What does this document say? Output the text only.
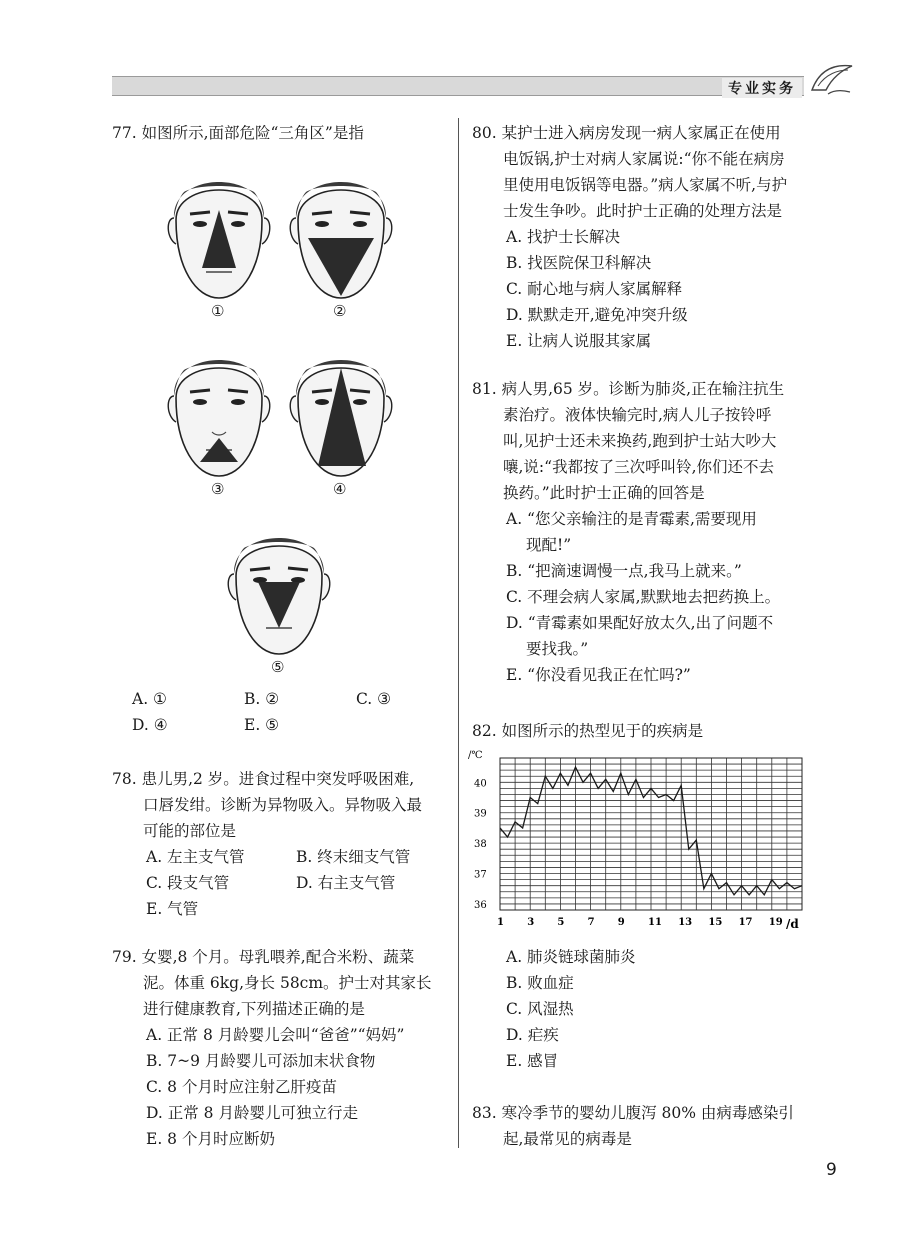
专业实务

77. 如图所示,面部危险“三角区”是指

①	②
③	④
⑤
A. ①	B. ②	C. ③
D. ④	E. ⑤

78. 患儿男,2 岁。进食过程中突发呼吸困难,

口唇发绀。诊断为异物吸入。异物吸入最

可能的部位是

A. 左主支气管	B. 终末细支气管
C. 段支气管	D. 右主支气管
E. 气管

79. 女婴,8 个月。母乳喂养,配合米粉、蔬菜

泥。体重 6kg,身长 58cm。护士对其家长

进行健康教育,下列描述正确的是

A. 正常 8 月龄婴儿会叫“爸爸”“妈妈”

B. 7~9 月龄婴儿可添加末状食物

C. 8 个月时应注射乙肝疫苗

D. 正常 8 月龄婴儿可独立行走

E. 8 个月时应断奶

80. 某护士进入病房发现一病人家属正在使用

电饭锅,护士对病人家属说:“你不能在病房

里使用电饭锅等电器。”病人家属不听,与护

士发生争吵。此时护士正确的处理方法是

A. 找护士长解决

B. 找医院保卫科解决

C. 耐心地与病人家属解释

D. 默默走开,避免冲突升级

E. 让病人说服其家属

81. 病人男,65 岁。诊断为肺炎,正在输注抗生

素治疗。液体快输完时,病人儿子按铃呼

叫,见护士还未来换药,跑到护士站大吵大

嚷,说:“我都按了三次呼叫铃,你们还不去

换药。”此时护士正确的回答是

A. “您父亲输注的是青霉素,需要现用
现配!”

B. “把滴速调慢一点,我马上就来。”

C. 不理会病人家属,默默地去把药换上。

D. “青霉素如果配好放太久,出了问题不
要找我。”

E. “你没看见我正在忙吗?”

82. 如图所示的热型见于的疾病是

36
37
38
39
40
1 3 5 7 9 11 13 15 17 19
/℃
/d

A. 肺炎链球菌肺炎

B. 败血症

C. 风湿热

D. 疟疾

E. 感冒

83. 寒冷季节的婴幼儿腹泻 80% 由病毒感染引

起,最常见的病毒是

9
